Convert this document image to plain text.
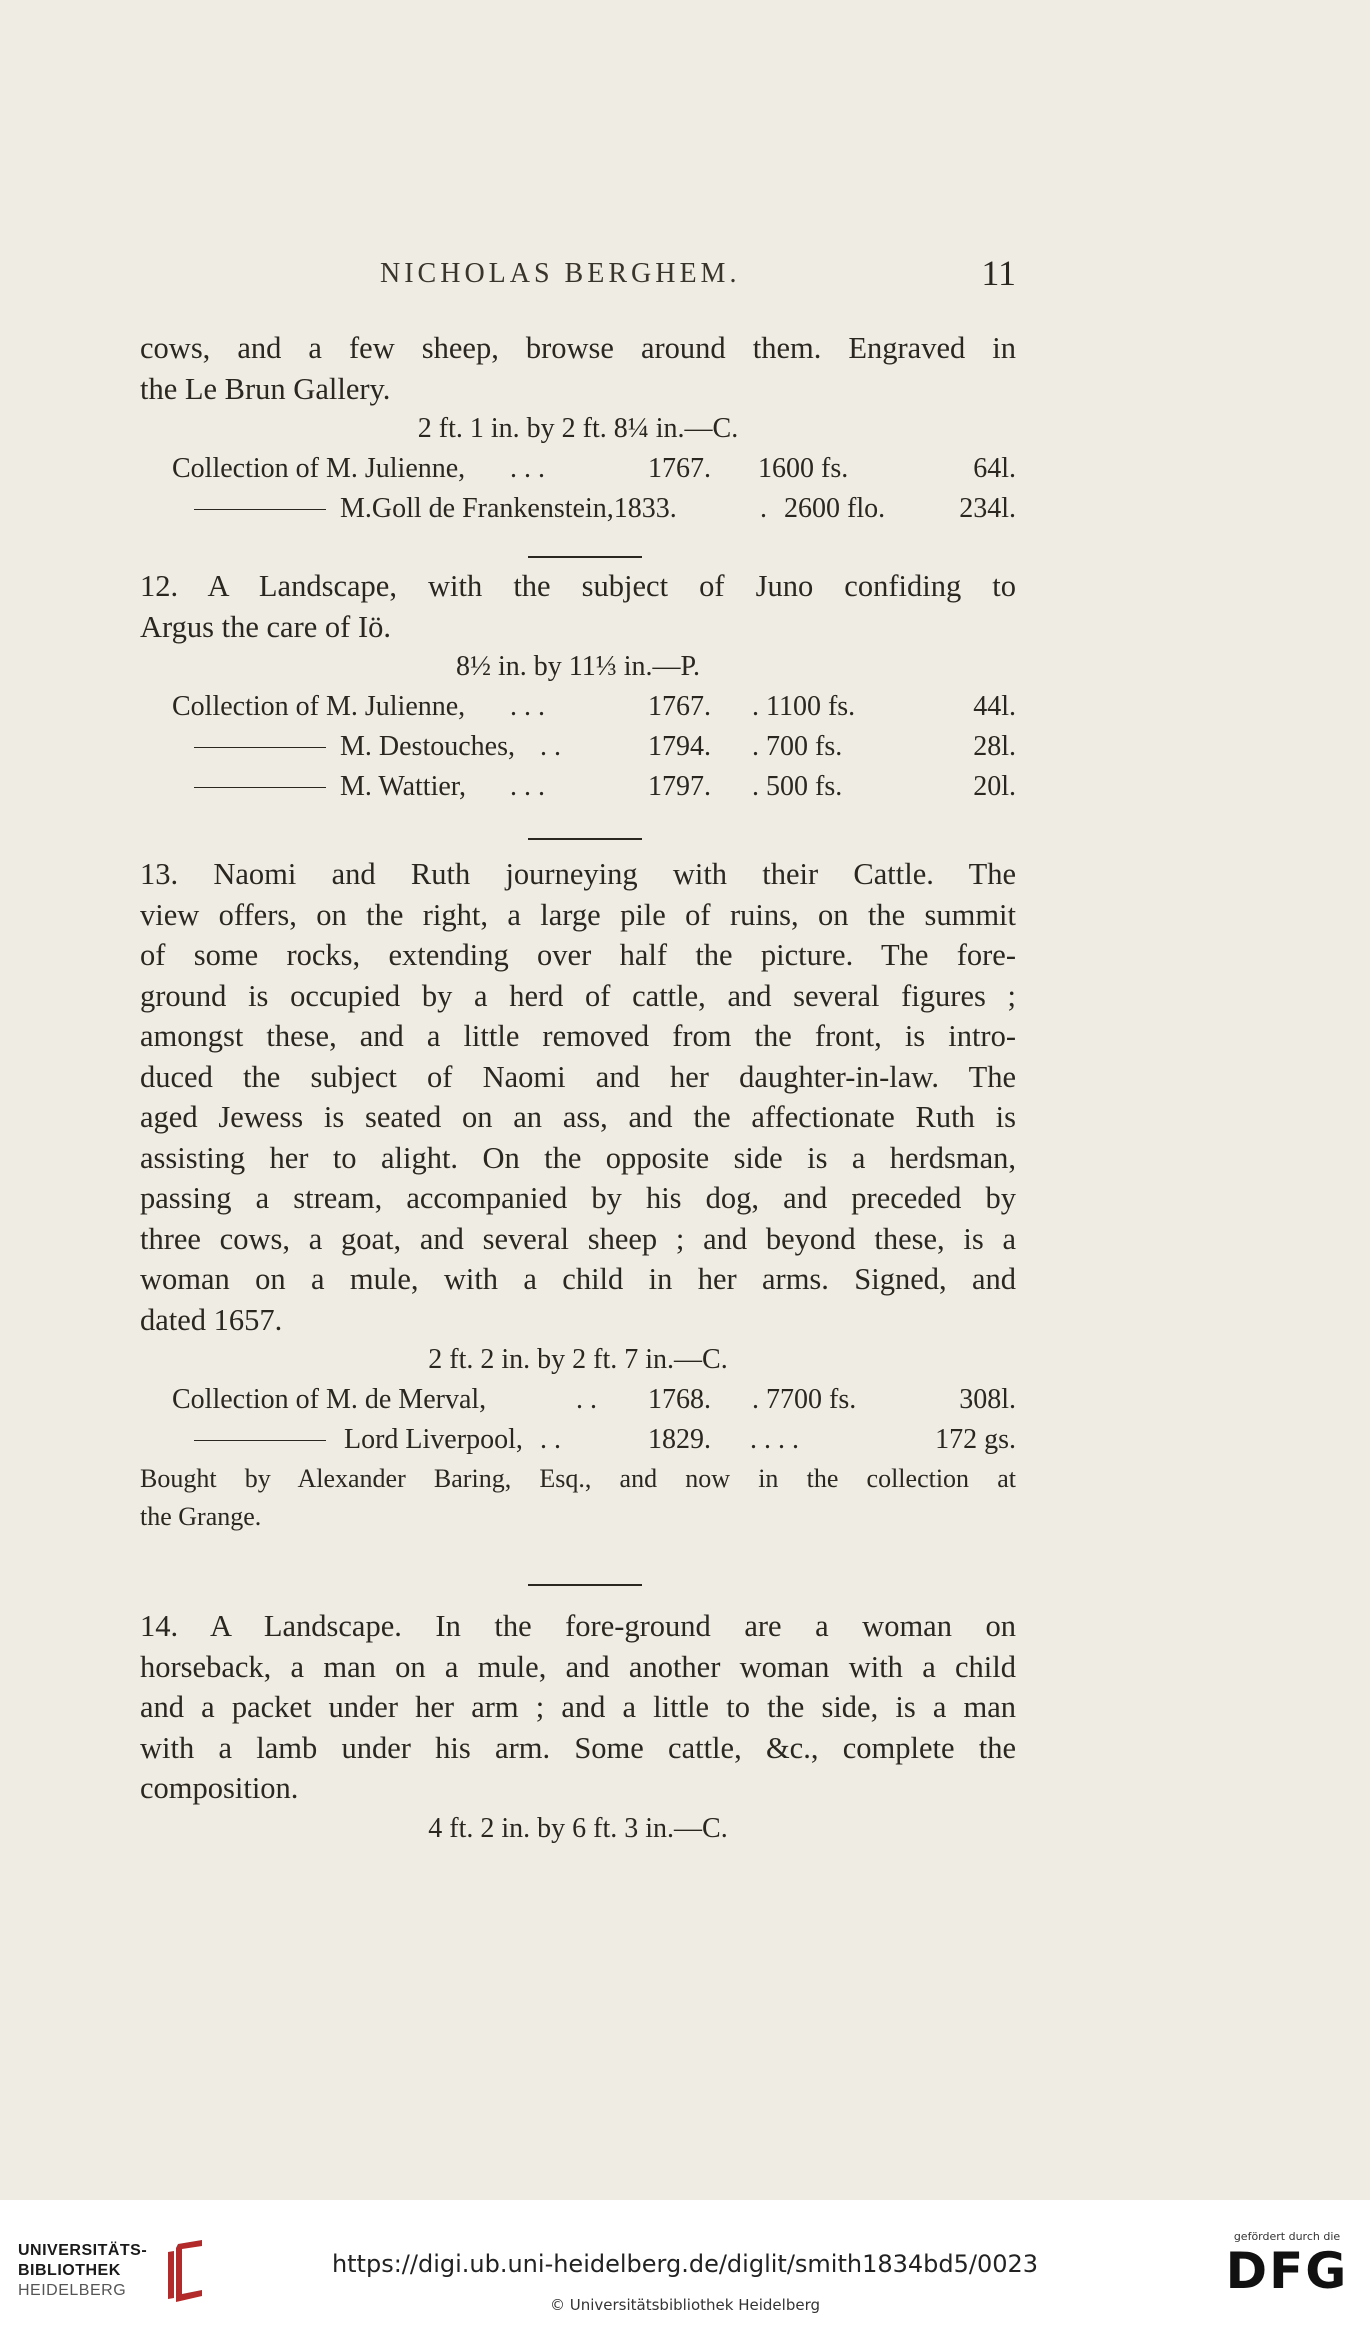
NICHOLAS BERGHEM.	11
cows, and a few sheep, browse around them. Engraved in
the Le Brun Gallery.
2 ft. 1 in. by 2 ft. 8¼ in.—C.
Collection of M. Julienne, . . .	1767. 1600 fs.	64l.
M.Goll de Frankenstein,1833.	. 2600 flo.	234l.
12. A Landscape, with the subject of Juno confiding to
Argus the care of Iö.
8½ in. by 11⅓ in.—P.
Collection of M. Julienne, . . .	1767. . 1100 fs.	44l.
M. Destouches, . .	1794. . 700 fs.	28l.
M. Wattier, . . .	1797. . 500 fs.	20l.
13. Naomi and Ruth journeying with their Cattle. The
view offers, on the right, a large pile of ruins, on the summit
of some rocks, extending over half the picture. The fore-
ground is occupied by a herd of cattle, and several figures ;
amongst these, and a little removed from the front, is intro-
duced the subject of Naomi and her daughter-in-law. The
aged Jewess is seated on an ass, and the affectionate Ruth is
assisting her to alight. On the opposite side is a herdsman,
passing a stream, accompanied by his dog, and preceded by
three cows, a goat, and several sheep ; and beyond these, is a
woman on a mule, with a child in her arms. Signed, and
dated 1657.
2 ft. 2 in. by 2 ft. 7 in.—C.
Collection of M. de Merval,	. . 1768. . 7700 fs.	308l.
Lord Liverpool, . .	1829. . . . .	172 gs.
Bought by Alexander Baring, Esq., and now in the collection at
the Grange.
14. A Landscape. In the fore-ground are a woman on
horseback, a man on a mule, and another woman with a child
and a packet under her arm ; and a little to the side, is a man
with a lamb under his arm. Some cattle, &c., complete the
composition.
4 ft. 2 in. by 6 ft. 3 in.—C.
UNIVERSITÄTS-
BIBLIOTHEK
HEIDELBERG
https://digi.ub.uni-heidelberg.de/diglit/smith1834bd5/0023
© Universitätsbibliothek Heidelberg
gefördert durch die
DFG
